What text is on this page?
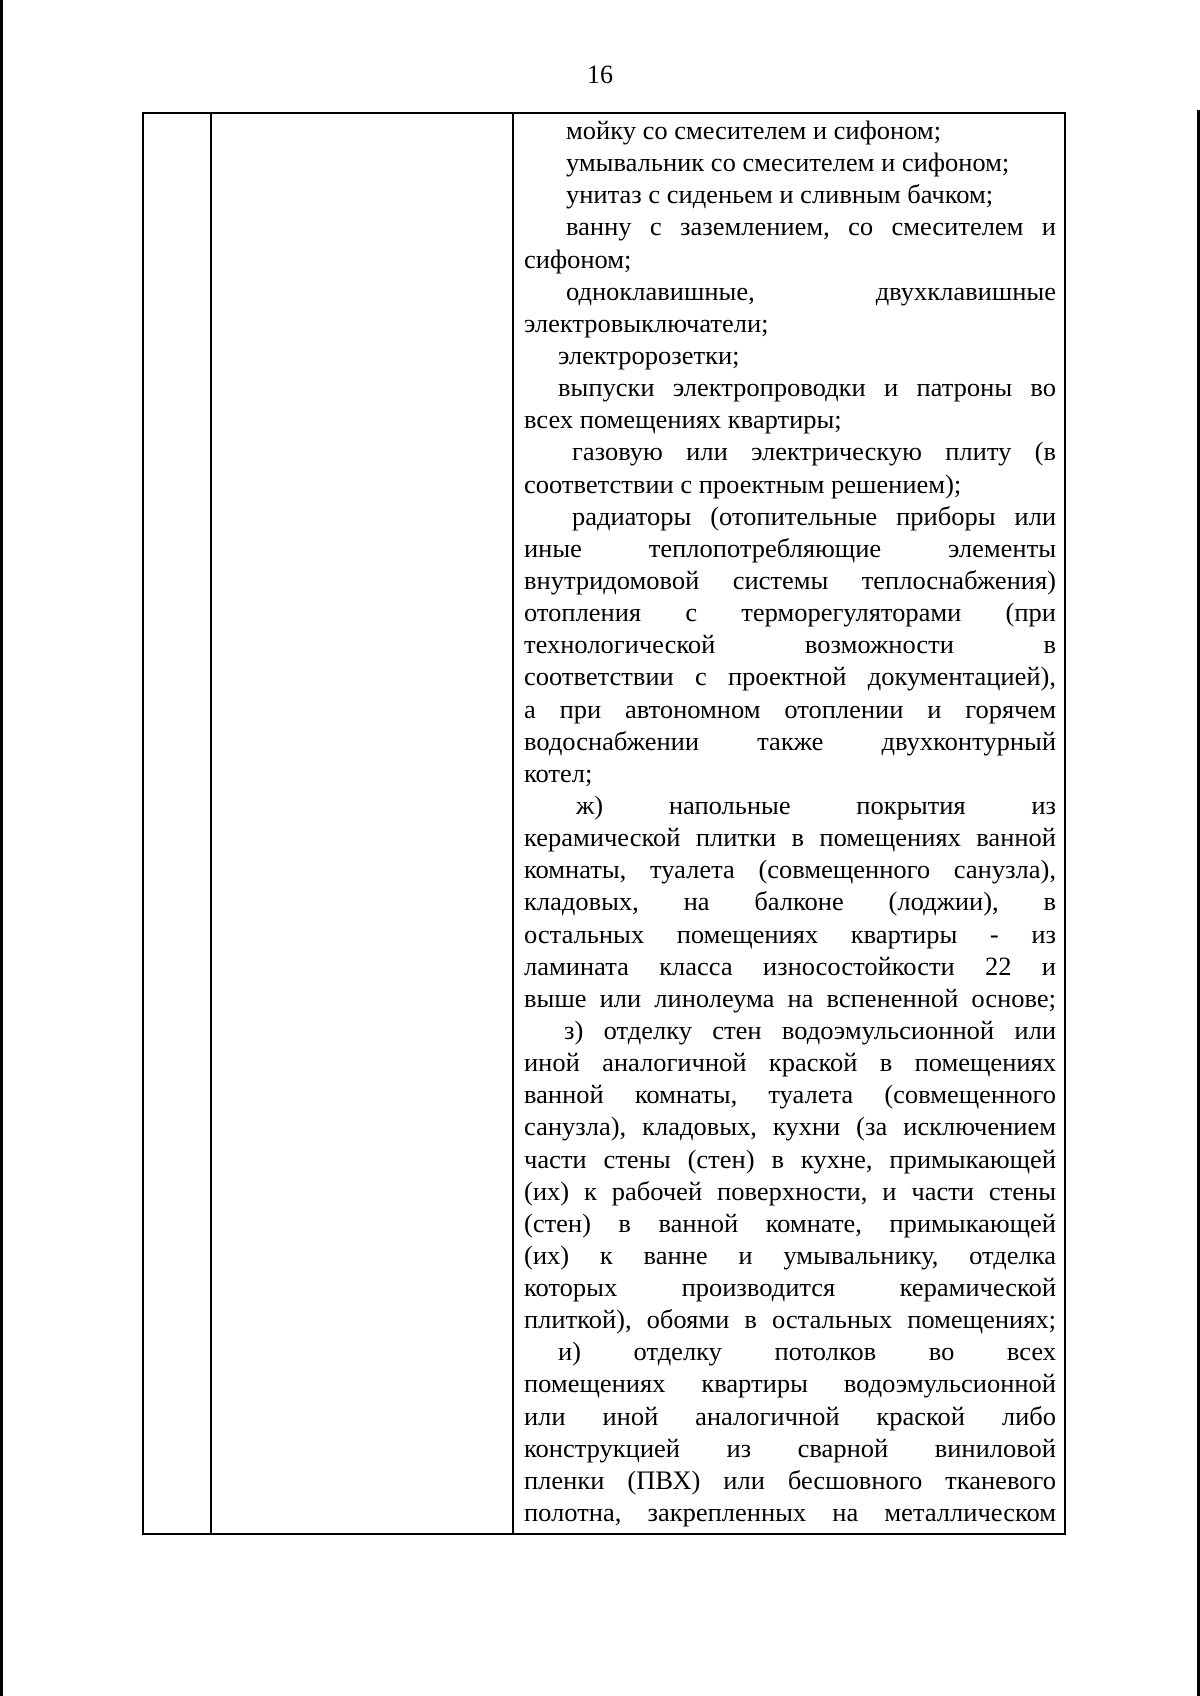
16
мойку со смесителем и сифоном;
умывальник со смесителем и сифоном;
унитаз с сиденьем и сливным бачком;
ванну с заземлением, со смесителем и
сифоном;
одноклавишные, двухклавишные
электровыключатели;
электророзетки;
выпуски электропроводки и патроны во
всех помещениях квартиры;
газовую или электрическую плиту (в
соответствии с проектным решением);
радиаторы (отопительные приборы или
иные теплопотребляющие элементы
внутридомовой системы теплоснабжения)
отопления с терморегуляторами (при
технологической возможности в
соответствии с проектной документацией),
а при автономном отоплении и горячем
водоснабжении также двухконтурный
котел;
ж) напольные покрытия из
керамической плитки в помещениях ванной
комнаты, туалета (совмещенного санузла),
кладовых, на балконе (лоджии), в
остальных помещениях квартиры - из
ламината класса износостойкости 22 и
выше или линолеума на вспененной основе;
з) отделку стен водоэмульсионной или
иной аналогичной краской в помещениях
ванной комнаты, туалета (совмещенного
санузла), кладовых, кухни (за исключением
части стены (стен) в кухне, примыкающей
(их) к рабочей поверхности, и части стены
(стен) в ванной комнате, примыкающей
(их) к ванне и умывальнику, отделка
которых производится керамической
плиткой), обоями в остальных помещениях;
и) отделку потолков во всех
помещениях квартиры водоэмульсионной
или иной аналогичной краской либо
конструкцией из сварной виниловой
пленки (ПВХ) или бесшовного тканевого
полотна, закрепленных на металлическом
